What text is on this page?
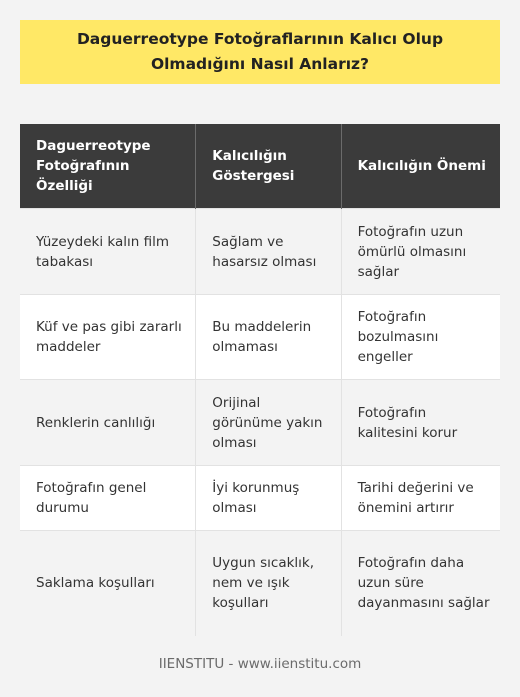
Daguerreotype Fotoğraflarının Kalıcı Olup Olmadığını Nasıl Anlarız?
Daguerreotype Fotoğrafının Özelliği	Kalıcılığın Göstergesi	Kalıcılığın Önemi
Yüzeydeki kalın film tabakası	Sağlam ve hasarsız olması	Fotoğrafın uzun ömürlü olmasını sağlar
Küf ve pas gibi zararlı maddeler	Bu maddelerin olmaması	Fotoğrafın bozulmasını engeller
Renklerin canlılığı	Orijinal görünüme yakın olması	Fotoğrafın kalitesini korur
Fotoğrafın genel durumu	İyi korunmuş olması	Tarihi değerini ve önemini artırır
Saklama koşulları	Uygun sıcaklık, nem ve ışık koşulları	Fotoğrafın daha uzun süre dayanmasını sağlar
IIENSTITU - www.iienstitu.com
